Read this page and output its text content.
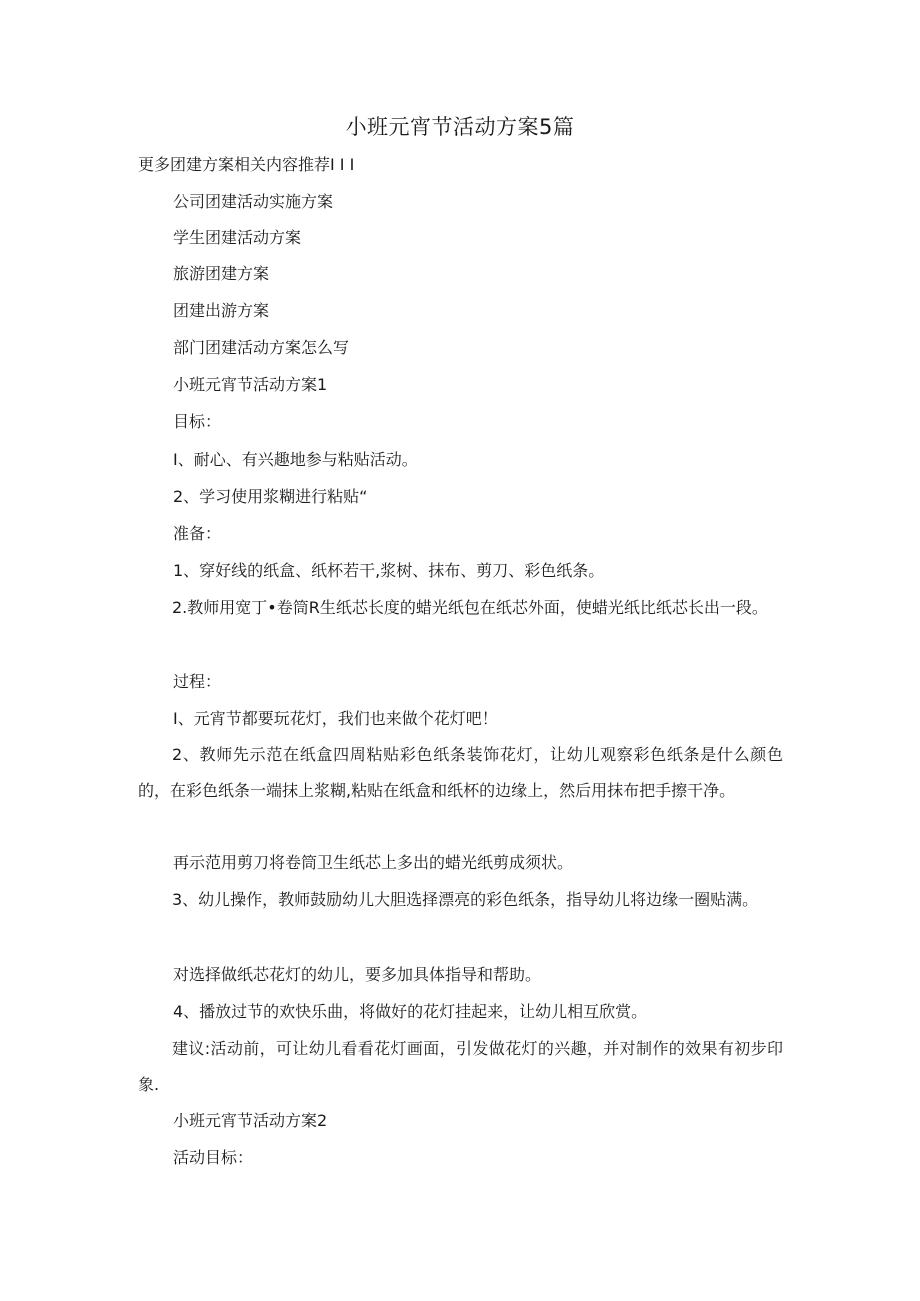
小班元宵节活动方案5篇
更多团建方案相关内容推荐I I I
公司团建活动实施方案
学生团建活动方案
旅游团建方案
团建出游方案
部门团建活动方案怎么写
小班元宵节活动方案1
目标：
I、耐心、有兴趣地参与粘贴活动。
2、学习使用浆糊进行粘贴“
准备：
1、穿好线的纸盒、纸杯若干,浆树、抹布、剪刀、彩色纸条。
2.教师用宽丁•卷筒R生纸芯长度的蜡光纸包在纸芯外面，使蜡光纸比纸芯长出一段。
过程：
I、元宵节都要玩花灯，我们也来做个花灯吧！
2、教师先示范在纸盒四周粘贴彩色纸条装饰花灯，让幼儿观察彩色纸条是什么颜色的，在彩色纸条一端抹上浆糊,粘贴在纸盒和纸杯的边缘上，然后用抹布把手擦干净。
再示范用剪刀将卷筒卫生纸芯上多出的蜡光纸剪成须状。
3、幼儿操作，教师鼓励幼儿大胆选择漂亮的彩色纸条，指导幼儿将边缘一圈贴满。
对选择做纸芯花灯的幼儿，要多加具体指导和帮助。
4、播放过节的欢快乐曲，将做好的花灯挂起来，让幼儿相互欣赏。
建议:活动前，可让幼儿看看花灯画面，引发做花灯的兴趣，并对制作的效果有初步印象.
小班元宵节活动方案2
活动目标：
